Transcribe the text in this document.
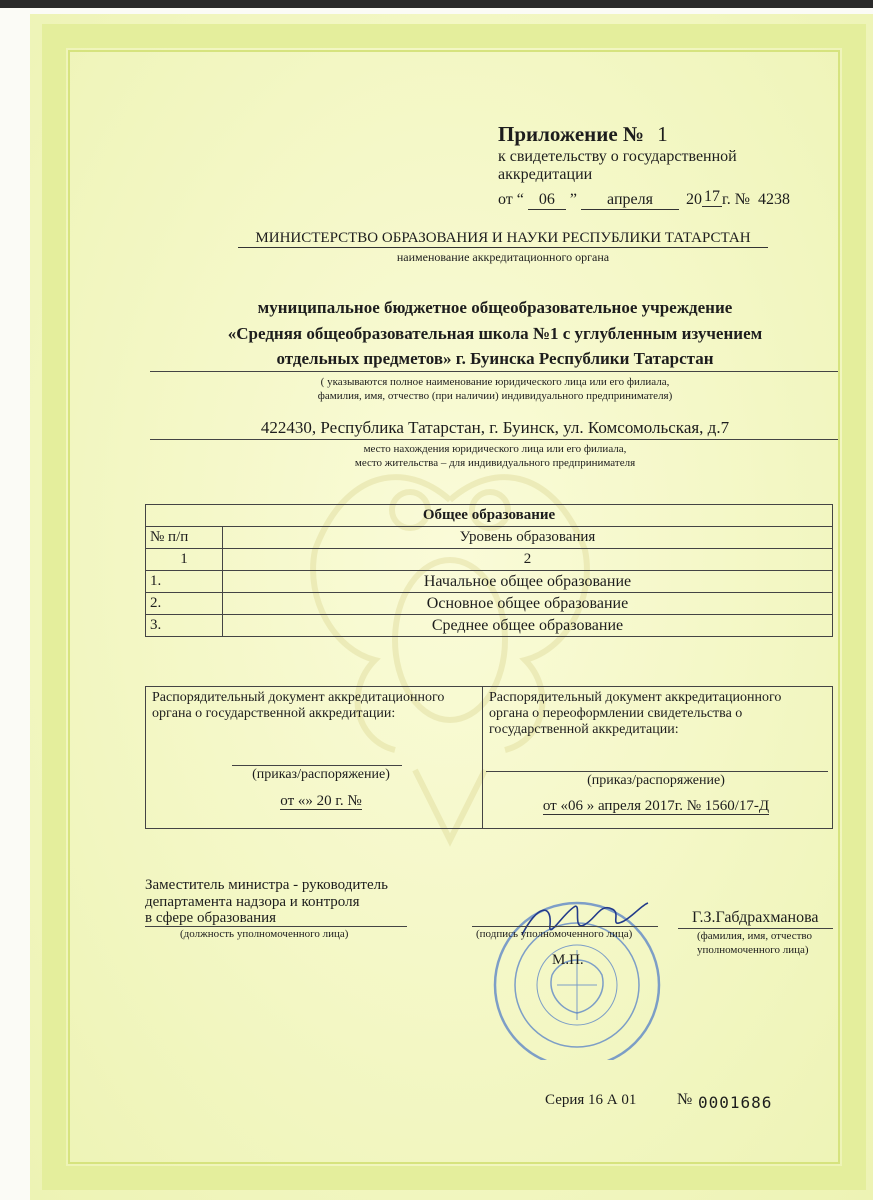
Приложение № 1
к свидетельству о государственной
аккредитации
от “ 06 ” апреля 20 17 г. № 4238
МИНИСТЕРСТВО ОБРАЗОВАНИЯ И НАУКИ РЕСПУБЛИКИ ТАТАРСТАН
наименование аккредитационного органа
муниципальное бюджетное общеобразовательное учреждение
«Средняя общеобразовательная школа №1 с углубленным изучением
отдельных предметов» г. Буинска Республики Татарстан
( указываются полное наименование юридического лица или его филиала,
фамилия, имя, отчество (при наличии) индивидуального предпринимателя)
422430, Республика Татарстан, г. Буинск, ул. Комсомольская, д.7
место нахождения юридического лица или его филиала,
место жительства – для индивидуального предпринимателя
Общее образование	
№ п/п	Уровень образования
1	2
1.	Начальное общее образование
2.	Основное общее образование
3.	Среднее общее образование
Распорядительный документ аккредитационного
органа о государственной аккредитации:
(приказ/распоряжение)
от «» 20 г. №
Распорядительный документ аккредитационного
органа о переоформлении свидетельства о
государственной аккредитации:
(приказ/распоряжение)
от «06 » апреля 2017г. № 1560/17-Д
Заместитель министра - руководитель
департамента надзора и контроля
в сфере образования
(должность уполномоченного лица)	(подпись уполномоченного лица)
М.П.
Г.З.Габдрахманова
(фамилия, имя, отчество
уполномоченного лица)
Серия 16 А 01	№ 0001686
